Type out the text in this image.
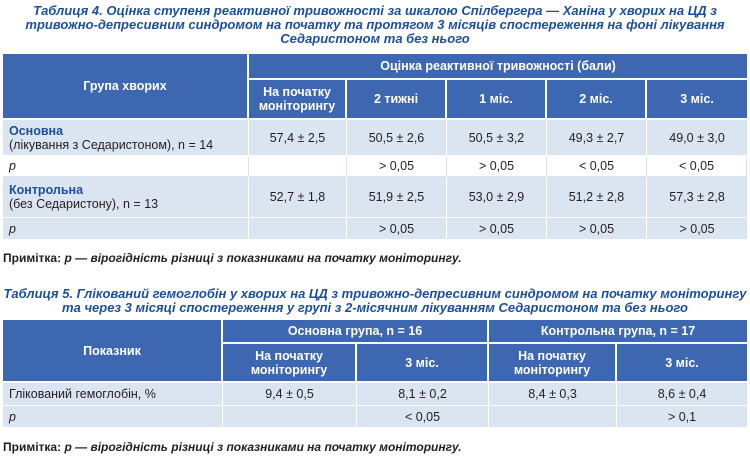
Таблиця 4. Оцінка ступеня реактивної тривожності за шкалою Спілбергера — Ханіна у хворих на ЦД з тривожно-депресивним синдромом на початку та протягом 3 місяців спостереження на фоні лікування Седаристоном та без нього
Група хворих	Оцінка реактивної тривожності (бали)				
	На початку моніторингу	2 тижні	1 міс.	2 міс.	3 міс.

Основна
(лікування з Седаристоном), n = 14	57,4 ± 2,5	50,5 ± 2,6	50,5 ± 3,2	49,3 ± 2,7	49,0 ± 3,0
p		> 0,05	> 0,05	< 0,05	< 0,05

Контрольна
(без Седаристону), n = 13	52,7 ± 1,8	51,9 ± 2,5	53,0 ± 2,9	51,2 ± 2,8	57,3 ± 2,8
p		> 0,05	> 0,05	> 0,05	> 0,05
Примітка: p — вірогідність різниці з показниками на початку моніторингу.
Таблиця 5. Глікований гемоглобін у хворих на ЦД з тривожно-депресивним синдромом на початку моніторингу та через 3 місяці спостереження у групі з 2-місячним лікуванням Седаристоном та без нього
Показник	Основна група, n = 16		Контрольна група, n = 17	
	На початку моніторингу	3 міс.	На початку моніторингу	3 міс.
Глікований гемоглобін, %	9,4 ± 0,5	8,1 ± 0,2	8,4 ± 0,3	8,6 ± 0,4
p		< 0,05		> 0,1
Примітка: p — вірогідність різниці з показниками на початку моніторингу.
